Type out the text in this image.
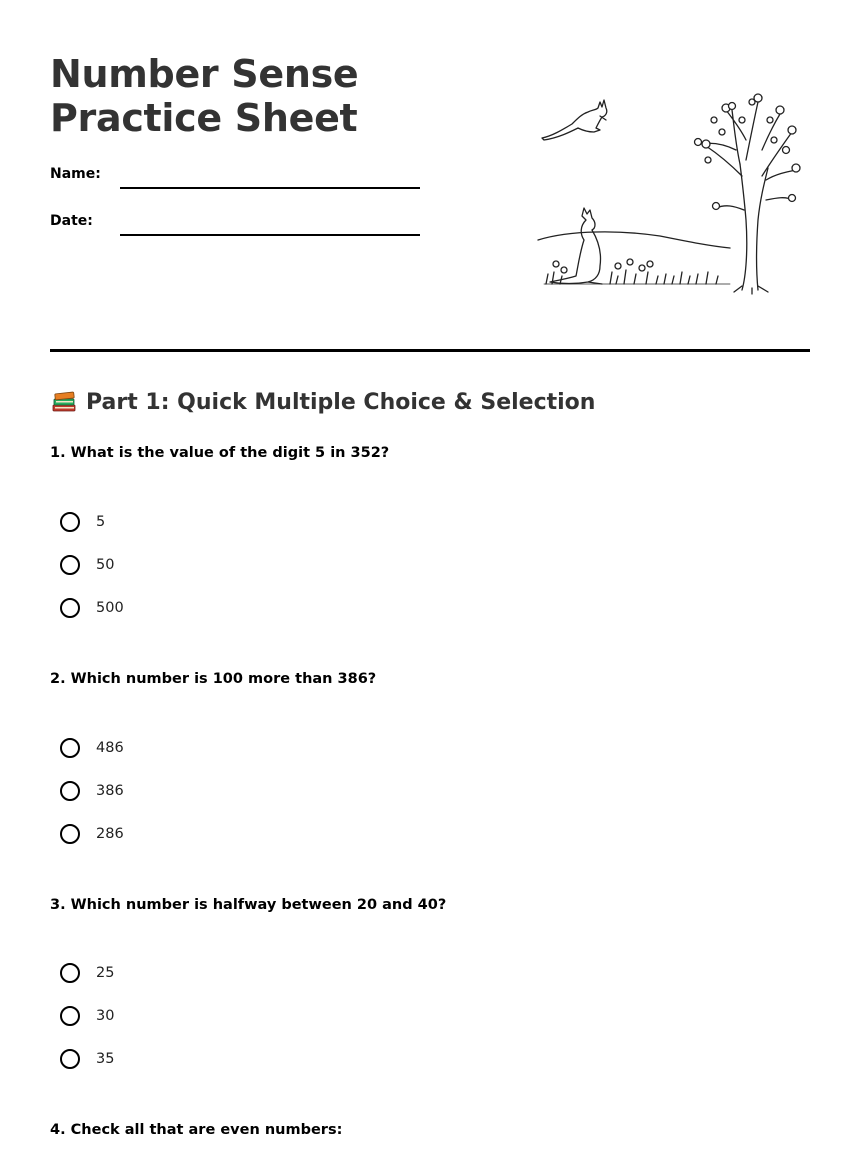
Number Sense Practice Sheet
Name:
Date:
Part 1: Quick Multiple Choice & Selection
1. What is the value of the digit 5 in 352?
5
50
500
2. Which number is 100 more than 386?
486
386
286
3. Which number is halfway between 20 and 40?
25
30
35
4. Check all that are even numbers:
